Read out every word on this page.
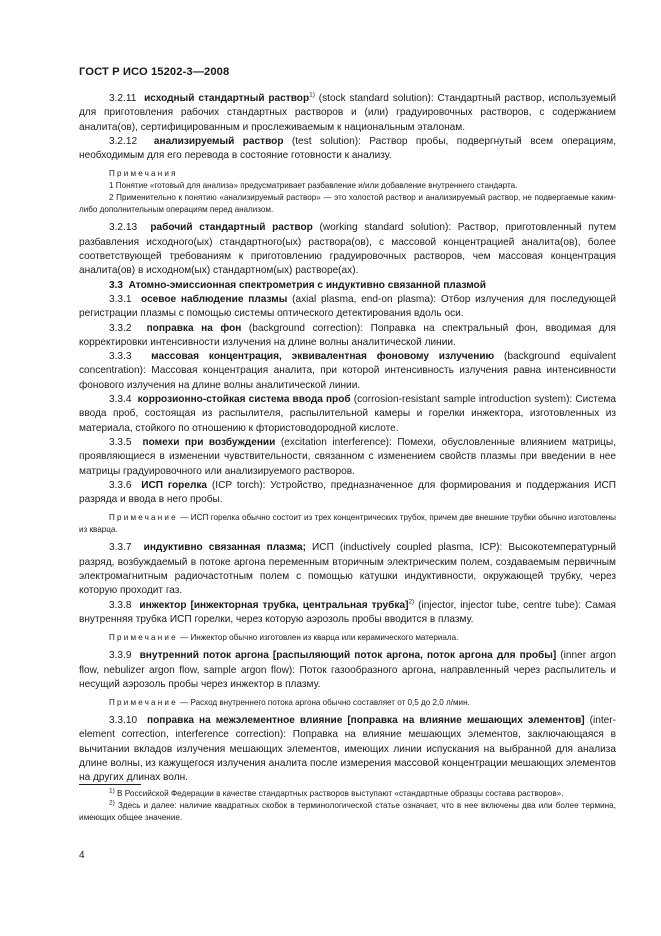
ГОСТ Р ИСО 15202-3—2008

3.2.11 исходный стандартный раствор$^{1)}$ (stock standard solution): Стандартный раствор, используемый для приготовления рабочих стандартных растворов и (или) градуировочных растворов, с содержанием аналита(ов), сертифицированным и прослеживаемым к национальным эталонам.

3.2.12 анализируемый раствор (test solution): Раствор пробы, подвергнутый всем операциям, необходимым для его перевода в состояние готовности к анализу.

Примечания

1 Понятие «готовый для анализа» предусматривает разбавление и/или добавление внутреннего стандарта.

2 Применительно к понятию «анализируемый раствор» — это холостой раствор и анализируемый раствор, не подвергаемые каким-либо дополнительным операциям перед анализом.

3.2.13 рабочий стандартный раствор (working standard solution): Раствор, приготовленный путем разбавления исходного(ых) стандартного(ых) раствора(ов), с массовой концентрацией аналита(ов), более соответствующей требованиям к приготовлению градуировочных растворов, чем массовая концентрация аналита(ов) в исходном(ых) стандартном(ых) растворе(ах).

3.3 Атомно-эмиссионная спектрометрия с индуктивно связанной плазмой

3.3.1 осевое наблюдение плазмы (axial plasma, end-on plasma): Отбор излучения для последующей регистрации плазмы с помощью системы оптического детектирования вдоль оси.

3.3.2 поправка на фон (background correction): Поправка на спектральный фон, вводимая для корректировки интенсивности излучения на длине волны аналитической линии.

3.3.3 массовая концентрация, эквивалентная фоновому излучению (background equivalent concentration): Массовая концентрация аналита, при которой интенсивность излучения равна интенсивности фонового излучения на длине волны аналитической линии.

3.3.4 коррозионно-стойкая система ввода проб (corrosion-resistant sample introduction system): Система ввода проб, состоящая из распылителя, распылительной камеры и горелки инжектора, изготовленных из материала, стойкого по отношению к фтористоводородной кислоте.

3.3.5 помехи при возбуждении (excitation interference): Помехи, обусловленные влиянием матрицы, проявляющиеся в изменении чувствительности, связанном с изменением свойств плазмы при введении в нее матрицы градуировочного или анализируемого растворов.

3.3.6 ИСП горелка (ICP torch): Устройство, предназначенное для формирования и поддержания ИСП разряда и ввода в него пробы.

Примечание — ИСП горелка обычно состоит из трех концентрических трубок, причем две внешние трубки обычно изготовлены из кварца.

3.3.7 индуктивно связанная плазма; ИСП (inductively coupled plasma, ICP): Высокотемпературный разряд, возбуждаемый в потоке аргона переменным вторичным электрическим полем, создаваемым первичным электромагнитным радиочастотным полем с помощью катушки индуктивности, окружающей трубку, через которую проходит газ.

3.3.8 инжектор [инжекторная трубка, центральная трубка]$^{2)}$ (injector, injector tube, centre tube): Самая внутренняя трубка ИСП горелки, через которую аэрозоль пробы вводится в плазму.

Примечание — Инжектор обычно изготовлен из кварца или керамического материала.

3.3.9 внутренний поток аргона [распыляющий поток аргона, поток аргона для пробы] (inner argon flow, nebulizer argon flow, sample argon flow): Поток газообразного аргона, направленный через распылитель и несущий аэрозоль пробы через инжектор в плазму.

Примечание — Расход внутреннего потока аргона обычно составляет от 0,5 до 2,0 л/мин.

3.3.10 поправка на межэлементное влияние [поправка на влияние мешающих элементов] (inter-element correction, interference correction): Поправка на влияние мешающих элементов, заключающаяся в вычитании вкладов излучения мешающих элементов, имеющих линии испускания на выбранной для анализа длине волны, из кажущегося излучения аналита после измерения массовой концентрации мешающих элементов на других длинах волн.

$^{1)}$ В Российской Федерации в качестве стандартных растворов выступают «стандартные образцы состава растворов».

$^{2)}$ Здесь и далее: наличие квадратных скобок в терминологической статье означает, что в нее включены два или более термина, имеющих общее значение.

4
